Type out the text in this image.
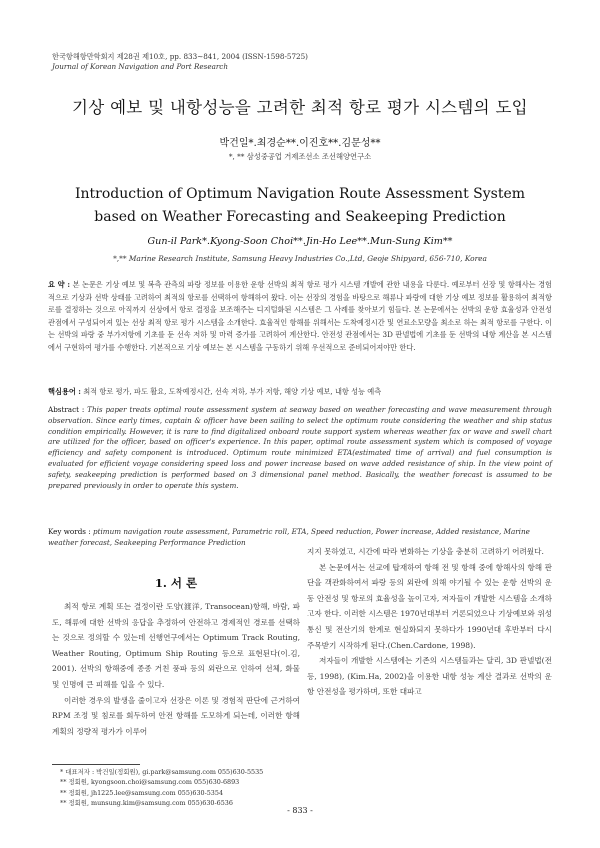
한국항해항만학회지 제28권 제10호, pp. 833∼841, 2004 (ISSN-1598-5725)
Journal of Korean Navigation and Port Research
기상 예보 및 내항성능을 고려한 최적 항로 평가 시스템의 도입
박건일*․최경순**․이진호**․김문성**
*, ** 삼성중공업 거제조선소 조선해양연구소
Introduction of Optimum Navigation Route Assessment System
based on Weather Forecasting and Seakeeping Prediction
Gun-il Park*․Kyong-Soon Choi**․Jin-Ho Lee**․Mun-Sung Kim**
*,** Marine Research Institute, Samsung Heavy Industries Co.,Ltd, Geoje Shipyard, 656-710, Korea
요 약 : 본 논문은 기상 예보 및 복측 관측의 파랑 정보를 이용한 운항 선박의 최적 항로 평가 시스템 개발에 관한 내용을 다룬다. 예로부터 선장 및 항해사는 경험적으로 기상과 선박 상태를 고려하여 최적의 항로를 선택하여 항해하여 왔다. 이는 선장의 경험을 바탕으로 해류나 파랑에 대한 기상 예보 정보를 활용하여 최적항로를 결정하는 것으로 아직까지 선상에서 항로 결정을 보조해주는 디지털화된 시스템은 그 사례를 찾아보기 힘들다. 본 논문에서는 선박의 운항 효율성과 안전성 관점에서 구성되어져 있는 선상 최적 항로 평가 시스템을 소개한다. 효율적인 항해를 위해서는 도착예정시간 및 연료소모량을 최소로 하는 최적 항로를 구한다. 이는 선박의 파랑 중 부가저항에 기초를 둔 선속 저하 및 마력 증가를 고려하여 계산한다. 안전성 관점에서는 3D 판넬법에 기초를 둔 선박의 내항 계산을 본 시스템에서 구현하여 평가를 수행한다. 기본적으로 기상 예보는 본 시스템을 구동하기 위해 우선적으로 준비되어져야만 한다.
핵심용어 : 최적 항로 평가, 파도 활요, 도착예정시간, 선속 저하, 부가 저항, 해양 기상 예보, 내항 성능 예측
Abstract : This paper treats optimal route assessment system at seaway based on weather forecasting and wave measurement through observation. Since early times, captain & officer have been sailing to select the optimum route considering the weather and ship status condition empirically. However, it is rare to find digitalized onboard route support system whereas weather fax or wave and swell chart are utilized for the officer, based on officer's experience. In this paper, optimal route assessment system which is composed of voyage efficiency and safety component is introduced. Optimum route minimized ETA(estimated time of arrival) and fuel consumption is evaluated for efficient voyage considering speed loss and power increase based on wave added resistance of ship. In the view point of safety, seakeeping prediction is performed based on 3 dimensional panel method. Basically, the weather forecast is assumed to be prepared previously in order to operate this system.
Key words : ptimum navigation route assessment, Parametric roll, ETA, Speed reduction, Power increase, Added resistance, Marine weather forecast, Seakeeping Performance Prediction
1. 서 론

최적 항로 계획 또는 결정이란 도양(渡洋, Transocean)항해, 바람, 파도, 해류에 대한 선박의 응답을 추정하여 안전하고 경제적인 경로를 선택하는 것으로 정의할 수 있는데 선행연구에서는 Optimum Track Routing, Weather Routing, Optimum Ship Routing 등으로 표현된다(이․김, 2001). 선박의 항해중에 종종 거친 풍파 등의 외란으로 인하여 선체, 화물 및 인명에 큰 피해를 입을 수 있다.

이러한 경우의 발생을 줄이고자 선장은 이론 및 경험적 판단에 근거하여 RPM 조정 및 침로를 회두하여 안전 항해를 도모하게 되는데, 이러한 항해 계획의 정량적 평가가 이루어

지지 못하였고, 시간에 따라 변화하는 기상을 충분히 고려하기 어려웠다.

본 논문에서는 선교에 탑재하여 항해 전 및 항해 중에 항해사의 항해 판단을 객관화하여서 파랑 등의 외란에 의해 야기될 수 있는 운항 선박의 운동 안전성 및 항로의 효율성을 높이고자, 저자들이 개발한 시스템을 소개하고자 한다. 이러한 시스템은 1970년대부터 거론되었으나 기상예보와 위성통신 및 전산기의 한계로 현실화되지 못하다가 1990년대 후반부터 다시 주목받기 시작하게 된다.(Chen․Cardone, 1998).

저자들이 개발한 시스템에는 기존의 시스템들과는 달리, 3D 판넬법(전 등, 1998), (Kim․Ha, 2002)을 이용한 내항 성능 계산 결과로 선박의 운항 안전성을 평가하며, 또한 대파고

* 대표저자 : 박건일(정회원), gi.park@samsung.com 055)630-5535
** 정회원, kyongsoon.choi@samsung.com 055)630-6893
** 정회원, jh1225.lee@samsung.com 055)630-5354
** 정회원, munsung.kim@samsung.com 055)630-6536
- 833 -
